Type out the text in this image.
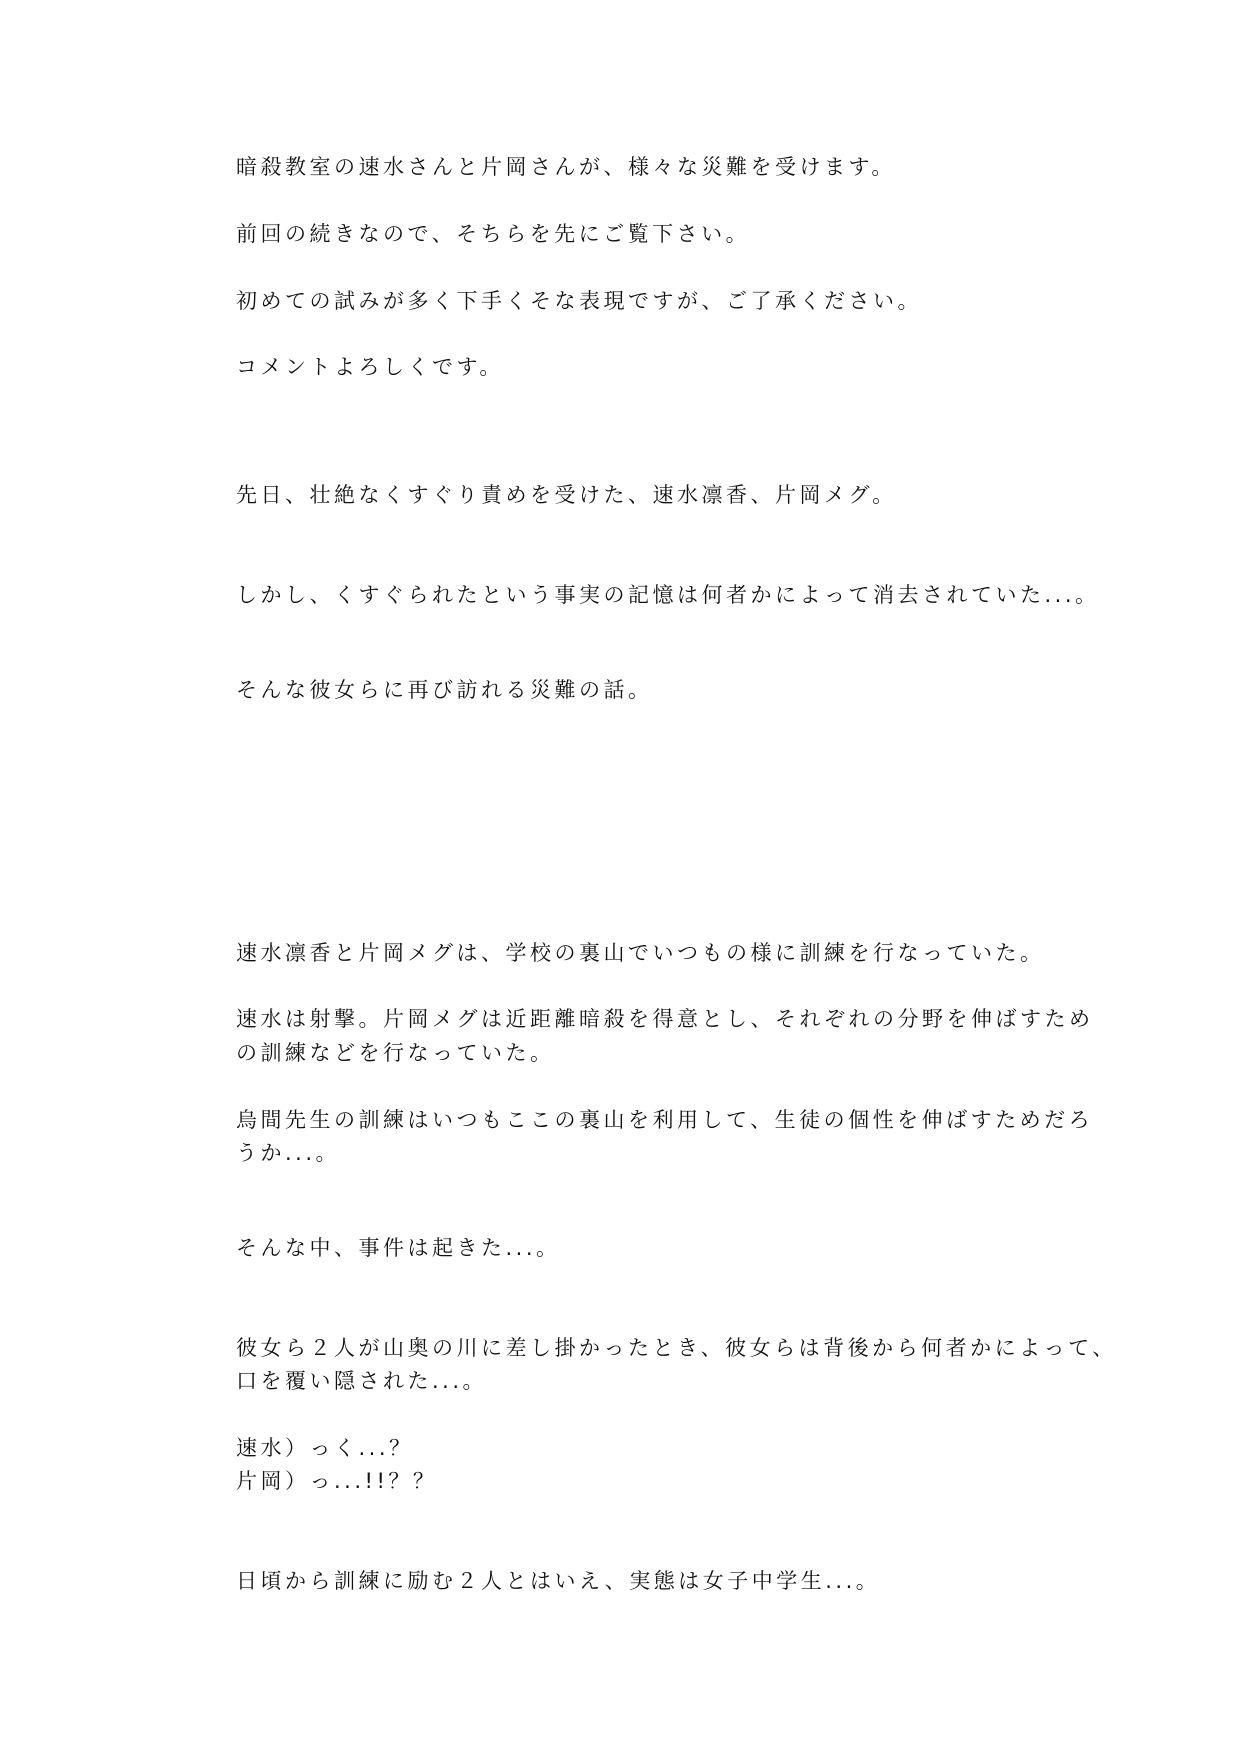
暗殺教室の速水さんと片岡さんが、様々な災難を受けます。
前回の続きなので、そちらを先にご覧下さい。
初めての試みが多く下手くそな表現ですが、ご了承ください。
コメントよろしくです。
先日、壮絶なくすぐり責めを受けた、速水凛香、片岡メグ。
しかし、くすぐられたという事実の記憶は何者かによって消去されていた...。
そんな彼女らに再び訪れる災難の話。
速水凛香と片岡メグは、学校の裏山でいつもの様に訓練を行なっていた。
速水は射撃。片岡メグは近距離暗殺を得意とし、それぞれの分野を伸ばすため
の訓練などを行なっていた。
烏間先生の訓練はいつもここの裏山を利用して、生徒の個性を伸ばすためだろ
うか...。
そんな中、事件は起きた...。
彼女ら２人が山奥の川に差し掛かったとき、彼女らは背後から何者かによって、
口を覆い隠された...。
速水）っく...？
片岡）っ...!!？？
日頃から訓練に励む２人とはいえ、実態は女子中学生...。
